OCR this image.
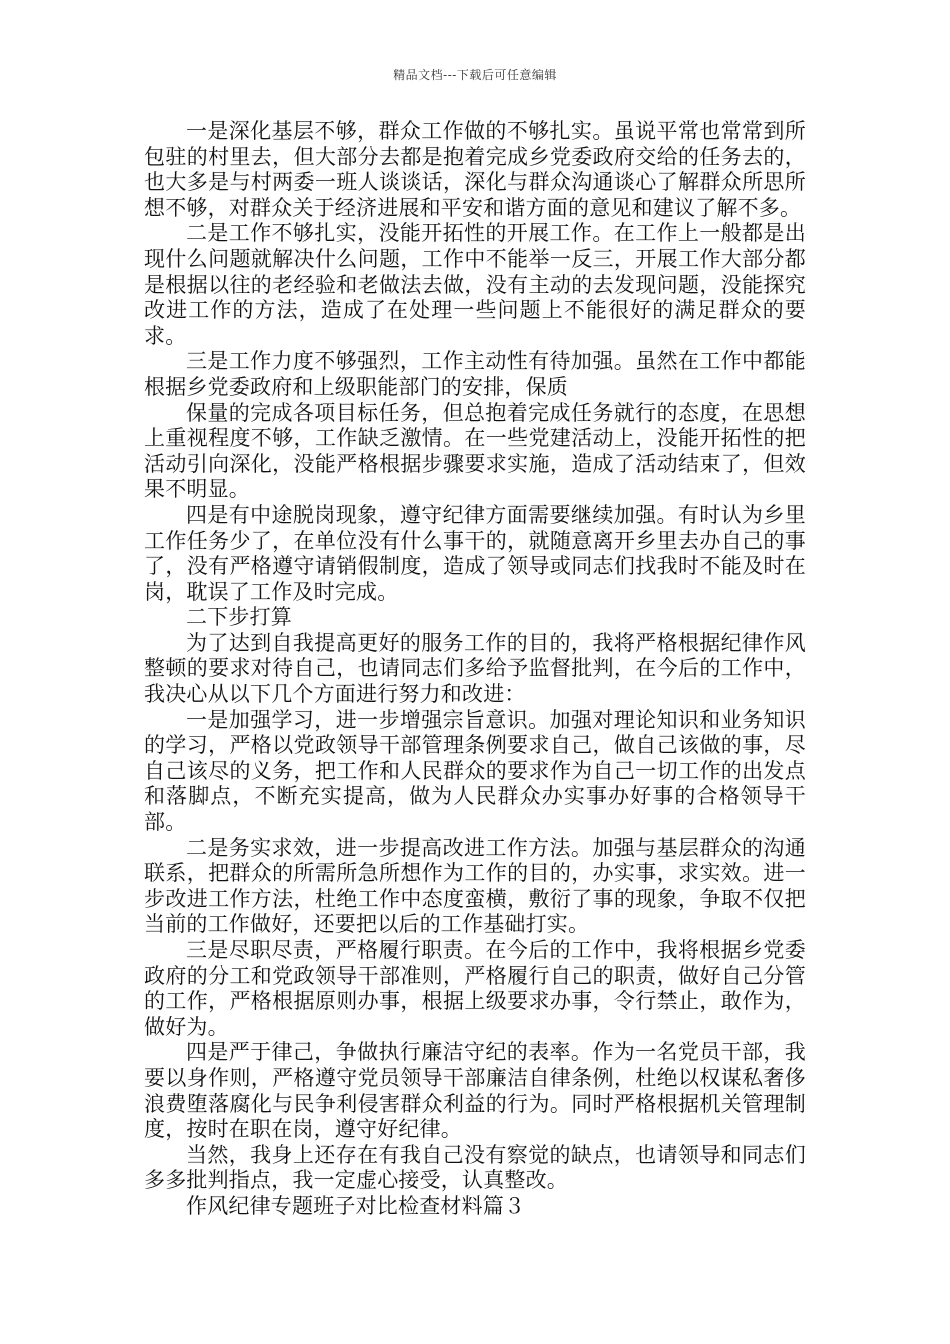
精品文档---下载后可任意编辑

一是深化基层不够，群众工作做的不够扎实。虽说平常也常常到所包驻的村里去，但大部分去都是抱着完成乡党委政府交给的任务去的，也大多是与村两委一班人谈谈话，深化与群众沟通谈心了解群众所思所想不够，对群众关于经济进展和平安和谐方面的意见和建议了解不多。

二是工作不够扎实，没能开拓性的开展工作。在工作上一般都是出现什么问题就解决什么问题，工作中不能举一反三，开展工作大部分都是根据以往的老经验和老做法去做，没有主动的去发现问题，没能探究改进工作的方法，造成了在处理一些问题上不能很好的满足群众的要求。

三是工作力度不够强烈，工作主动性有待加强。虽然在工作中都能根据乡党委政府和上级职能部门的安排，保质

保量的完成各项目标任务，但总抱着完成任务就行的态度，在思想上重视程度不够，工作缺乏激情。在一些党建活动上，没能开拓性的把活动引向深化，没能严格根据步骤要求实施，造成了活动结束了，但效果不明显。

四是有中途脱岗现象，遵守纪律方面需要继续加强。有时认为乡里工作任务少了，在单位没有什么事干的，就随意离开乡里去办自己的事了，没有严格遵守请销假制度，造成了领导或同志们找我时不能及时在岗，耽误了工作及时完成。

二下步打算

为了达到自我提高更好的服务工作的目的，我将严格根据纪律作风整顿的要求对待自己，也请同志们多给予监督批判，在今后的工作中，我决心从以下几个方面进行努力和改进：

一是加强学习，进一步增强宗旨意识。加强对理论知识和业务知识的学习，严格以党政领导干部管理条例要求自己，做自己该做的事，尽自己该尽的义务，把工作和人民群众的要求作为自己一切工作的出发点和落脚点，不断充实提高，做为人民群众办实事办好事的合格领导干部。

二是务实求效，进一步提高改进工作方法。加强与基层群众的沟通联系，把群众的所需所急所想作为工作的目的，办实事，求实效。进一步改进工作方法，杜绝工作中态度蛮横，敷衍了事的现象，争取不仅把当前的工作做好，还要把以后的工作基础打实。

三是尽职尽责，严格履行职责。在今后的工作中，我将根据乡党委政府的分工和党政领导干部准则，严格履行自己的职责，做好自己分管的工作，严格根据原则办事，根据上级要求办事，令行禁止，敢作为，做好为。

四是严于律己，争做执行廉洁守纪的表率。作为一名党员干部，我要以身作则，严格遵守党员领导干部廉洁自律条例，杜绝以权谋私奢侈浪费堕落腐化与民争利侵害群众利益的行为。同时严格根据机关管理制度，按时在职在岗，遵守好纪律。

当然，我身上还存在有我自己没有察觉的缺点，也请领导和同志们多多批判指点，我一定虚心接受，认真整改。

作风纪律专题班子对比检查材料篇３
